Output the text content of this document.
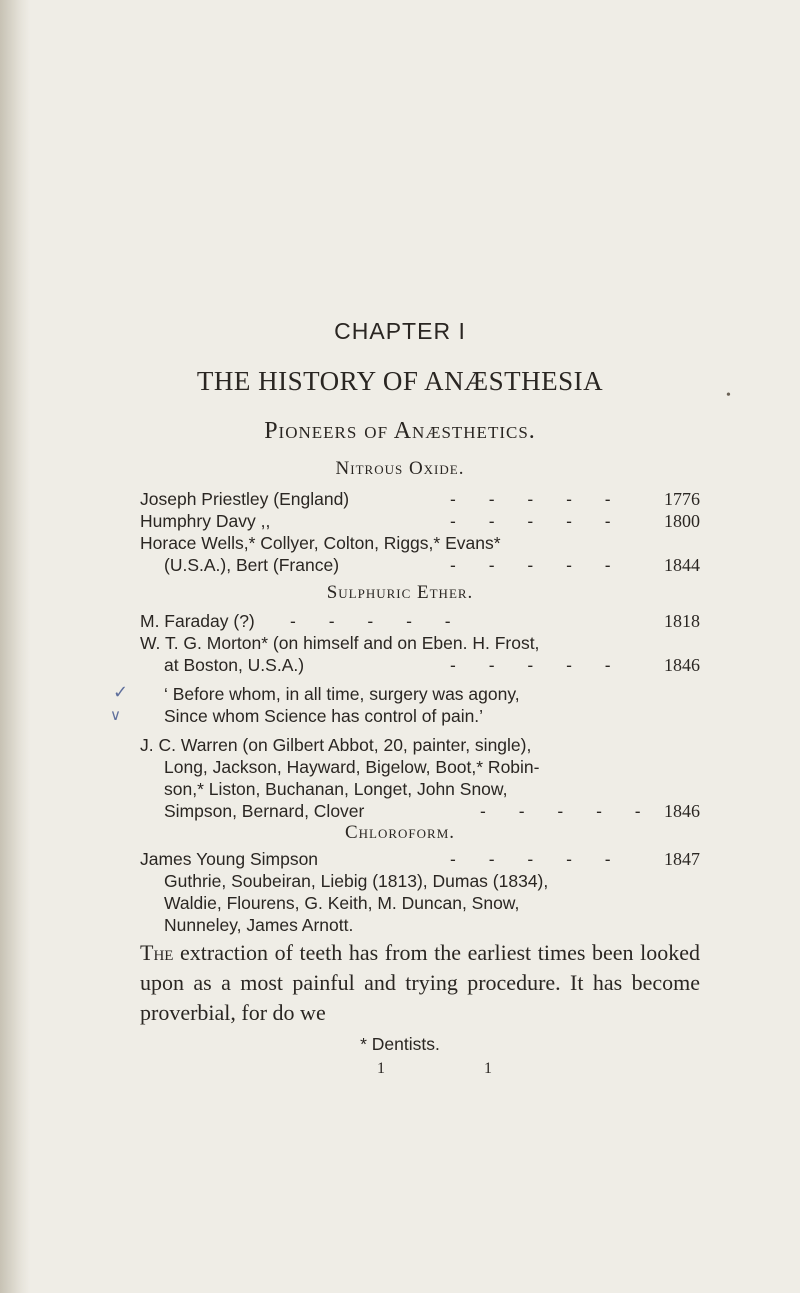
CHAPTER I
THE HISTORY OF ANÆSTHESIA
Pioneers of Anæsthetics.
Nitrous Oxide.
Joseph Priestley (England)	- - - - - 1776
Humphry Davy ,,	- - - - - 1800
Horace Wells,* Collyer, Colton, Riggs,* Evans*
(U.S.A.), Bert (France)	- - - - - 1844
Sulphuric Ether.
M. Faraday (?) - - - - -	1818
W. T. G. Morton* (on himself and on Eben. H. Frost,
at Boston, U.S.A.)	- - - - - 1846
✓
∨
‘ Before whom, in all time, surgery was agony,
Since whom Science has control of pain.’
J. C. Warren (on Gilbert Abbot, 20, painter, single),
Long, Jackson, Hayward, Bigelow, Boot,* Robin-
son,* Liston, Buchanan, Longet, John Snow,
Simpson, Bernard, Clover	- - - - - 1846
Chloroform.
James Young Simpson	- - - - - 1847
Guthrie, Soubeiran, Liebig (1813), Dumas (1834),
Waldie, Flourens, G. Keith, M. Duncan, Snow,
Nunneley, James Arnott.
The extraction of teeth has from the earliest times been looked upon as a most painful and trying procedure. It has become proverbial, for do we
* Dentists.
1	1
•
